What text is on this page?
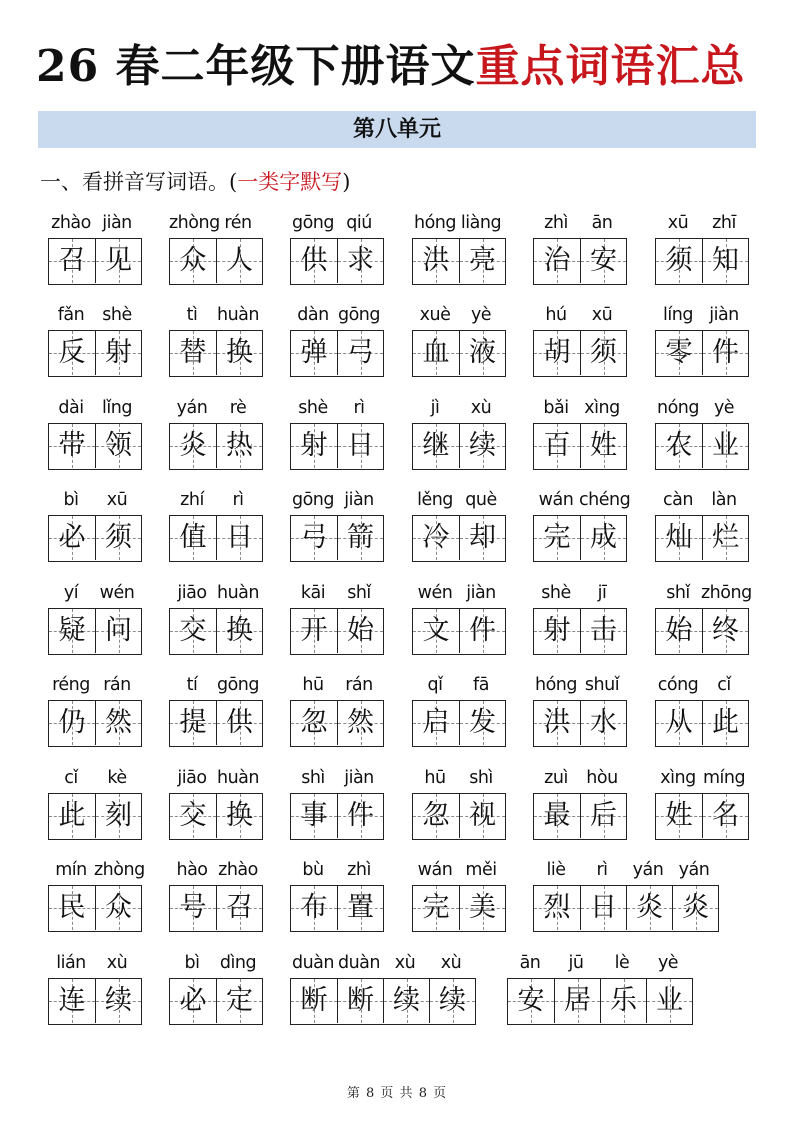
26 春二年级下册语文重点词语汇总
第八单元
一、看拼音写词语。(一类字默写)
zhào jiàn
召 见
zhòng rén
众 人
gōng qiú
供 求
hóng liàng
洪 亮
zhì	ān
治 安
xū	zhī
须 知
fǎn	shè
反 射
tì	huàn
替 换
dàn gōng
弹 弓
xuè	yè
血 液
hú	xū
胡 须
líng jiàn
零 件
dài	lǐng
带 领
yán	rè
炎 热
shè	rì
射 日
jì	xù
继 续
bǎi xìng
百 姓
nóng yè
农 业
bì	xū
必 须
zhí	rì
值 日
gōng jiàn
弓 箭
lěng què
冷 却
wán chéng
完 成
càn	làn
灿 烂
yí	wén
疑 问
jiāo huàn
交 换
kāi	shǐ
开 始
wén jiàn
文 件
shè	jī
射 击
shǐ zhōng
始 终
réng rán
仍 然
tí	gōng
提 供
hū	rán
忽 然
qǐ	fā
启 发
hóng shuǐ
洪 水
cóng	cǐ
从 此
cǐ	kè
此 刻
jiāo huàn
交 换
shì	jiàn
事 件
hū	shì
忽 视
zuì	hòu
最 后
xìng míng
姓 名
mín zhòng
民 众
hào zhào
号 召
bù	zhì
布 置
wán měi
完 美
liè	rì	yán yán
烈 日 炎 炎
lián	xù
连 续
bì	dìng
必 定
duàn duàn xù	xù
断 断 续 续
ān	jū	lè	yè
安 居 乐 业

第 8 页 共 8 页
